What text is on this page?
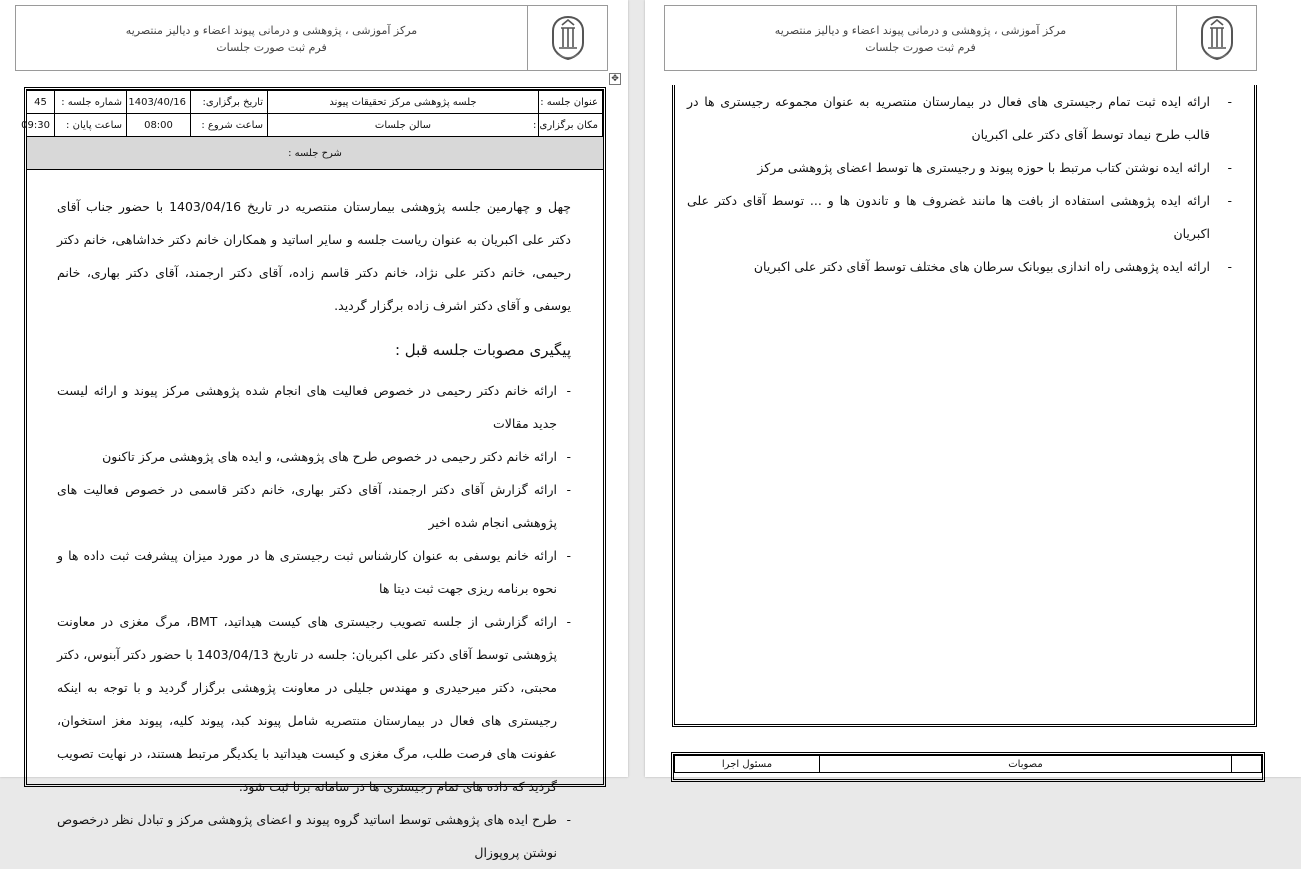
مرکز آموزشی ، پژوهشی و درمانی پیوند اعضاء و دیالیز منتصریه
فرم ثبت صورت جلسات
✥
عنوان جلسه :	جلسه پژوهشی مرکز تحقیقات پیوند	تاریخ برگزاری:	1403/40/16	شماره جلسه :	45
مکان برگزاری :	سالن جلسات	ساعت شروع :	08:00	ساعت پایان :	09:30
شرح جلسه :

چهل و چهارمین جلسه پژوهشی بیمارستان منتصریه در تاریخ 1403/04/16 با حضور جناب آقای دکتر علی اکبریان به عنوان ریاست جلسه و سایر اساتید و همکاران خانم دکتر خداشاهی، خانم دکتر رحیمی، خانم دکتر علی نژاد، خانم دکتر قاسم زاده، آقای دکتر ارجمند، آقای دکتر بهاری، خانم یوسفی و آقای دکتر اشرف زاده برگزار گردید.

پیگیری مصوبات جلسه قبل :
- ارائه خانم دکتر رحیمی در خصوص فعالیت های انجام شده پژوهشی مرکز پیوند و ارائه لیست جدید مقالات
- ارائه خانم دکتر رحیمی در خصوص طرح های پژوهشی، و ایده های پژوهشی مرکز تاکنون
- ارائه گزارش آقای دکتر ارجمند، آقای دکتر بهاری، خانم دکتر قاسمی در خصوص فعالیت های پژوهشی انجام شده اخیر
- ارائه خانم یوسفی به عنوان کارشناس ثبت رجیستری ها در مورد میزان پیشرفت ثبت داده ها و نحوه برنامه ریزی جهت ثبت دیتا ها
- ارائه گزارشی از جلسه تصویب رجیستری های کیست هیداتید، BMT، مرگ مغزی در معاونت پژوهشی توسط آقای دکتر علی اکبریان: جلسه در تاریخ 1403/04/13 با حضور دکتر آبنوس، دکتر محبتی، دکتر میرحیدری و مهندس جلیلی در معاونت پژوهشی برگزار گردید و با توجه به اینکه رجیستری های فعال در بیمارستان منتصریه شامل پیوند کبد، پیوند کلیه، پیوند مغز استخوان، عفونت های فرصت طلب، مرگ مغزی و کیست هیداتید با یکدیگر مرتبط هستند، در نهایت تصویب گردید که داده های تمام رجیستری ها در سامانه برنا ثبت شود.
- طرح ایده های پژوهشی توسط اساتید گروه پیوند و اعضای پژوهشی مرکز و تبادل نظر درخصوص نوشتن پروپوزال
مرکز آموزشی ، پژوهشی و درمانی پیوند اعضاء و دیالیز منتصریه
فرم ثبت صورت جلسات
- ارائه ایده ثبت تمام رجیستری های فعال در بیمارستان منتصریه به عنوان مجموعه رجیستری ها در قالب طرح نیماد توسط آقای دکتر علی اکبریان
- ارائه ایده نوشتن کتاب مرتبط با حوزه پیوند و رجیستری ها توسط اعضای پژوهشی مرکز
- ارائه ایده پژوهشی استفاده از بافت ها مانند غضروف ها و تاندون ها و ... توسط آقای دکتر علی اکبریان
- ارائه ایده پژوهشی راه اندازی بیوبانک سرطان های مختلف توسط آقای دکتر علی اکبریان
	مصوبات	مسئول اجرا
